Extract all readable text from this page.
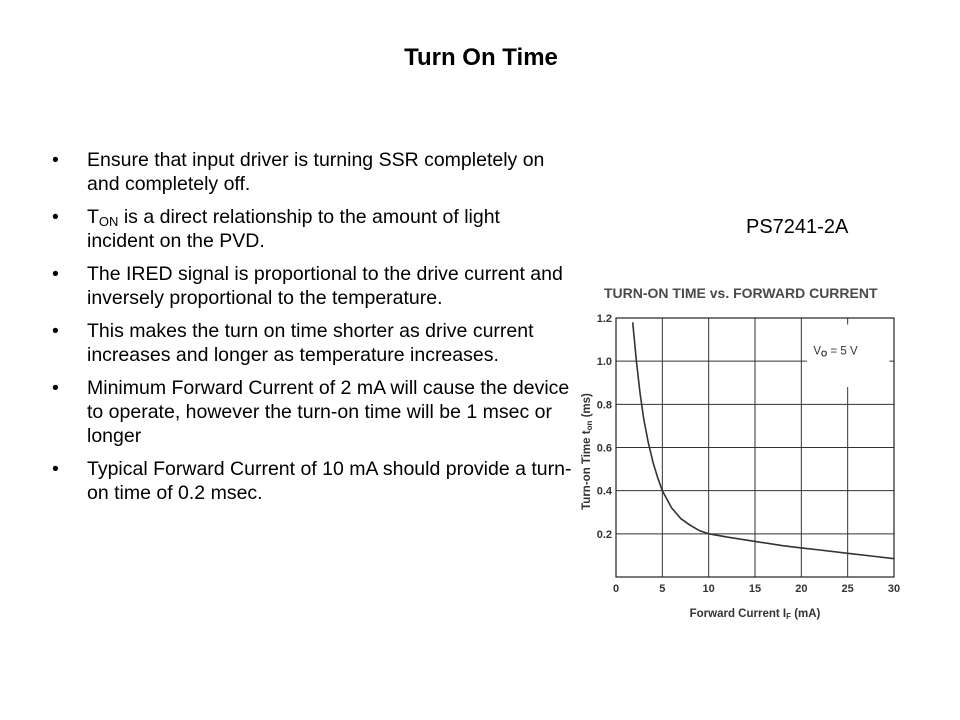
Turn On Time
• Ensure that input driver is turning SSR completely on and completely off.
• $T_{ON}$ is a direct relationship to the amount of light incident on the PVD.
• The IRED signal is proportional to the drive current and inversely proportional to the temperature.
• This makes the turn on time shorter as drive current increases and longer as temperature increases.
• Minimum Forward Current of 2 mA will cause the device to operate, however the turn-on time will be 1 msec or longer
• Typical Forward Current of 10 mA should provide a turn-on time of 0.2 msec.
PS7241-2A
TURN-ON TIME vs. FORWARD CURRENT
0.2
0.4
0.6
0.8
1.0
1.2
0	5	10	15	20	25	30
Forward Current IF (mA)
Turn-on Time ton (ms)
VO = 5 V
